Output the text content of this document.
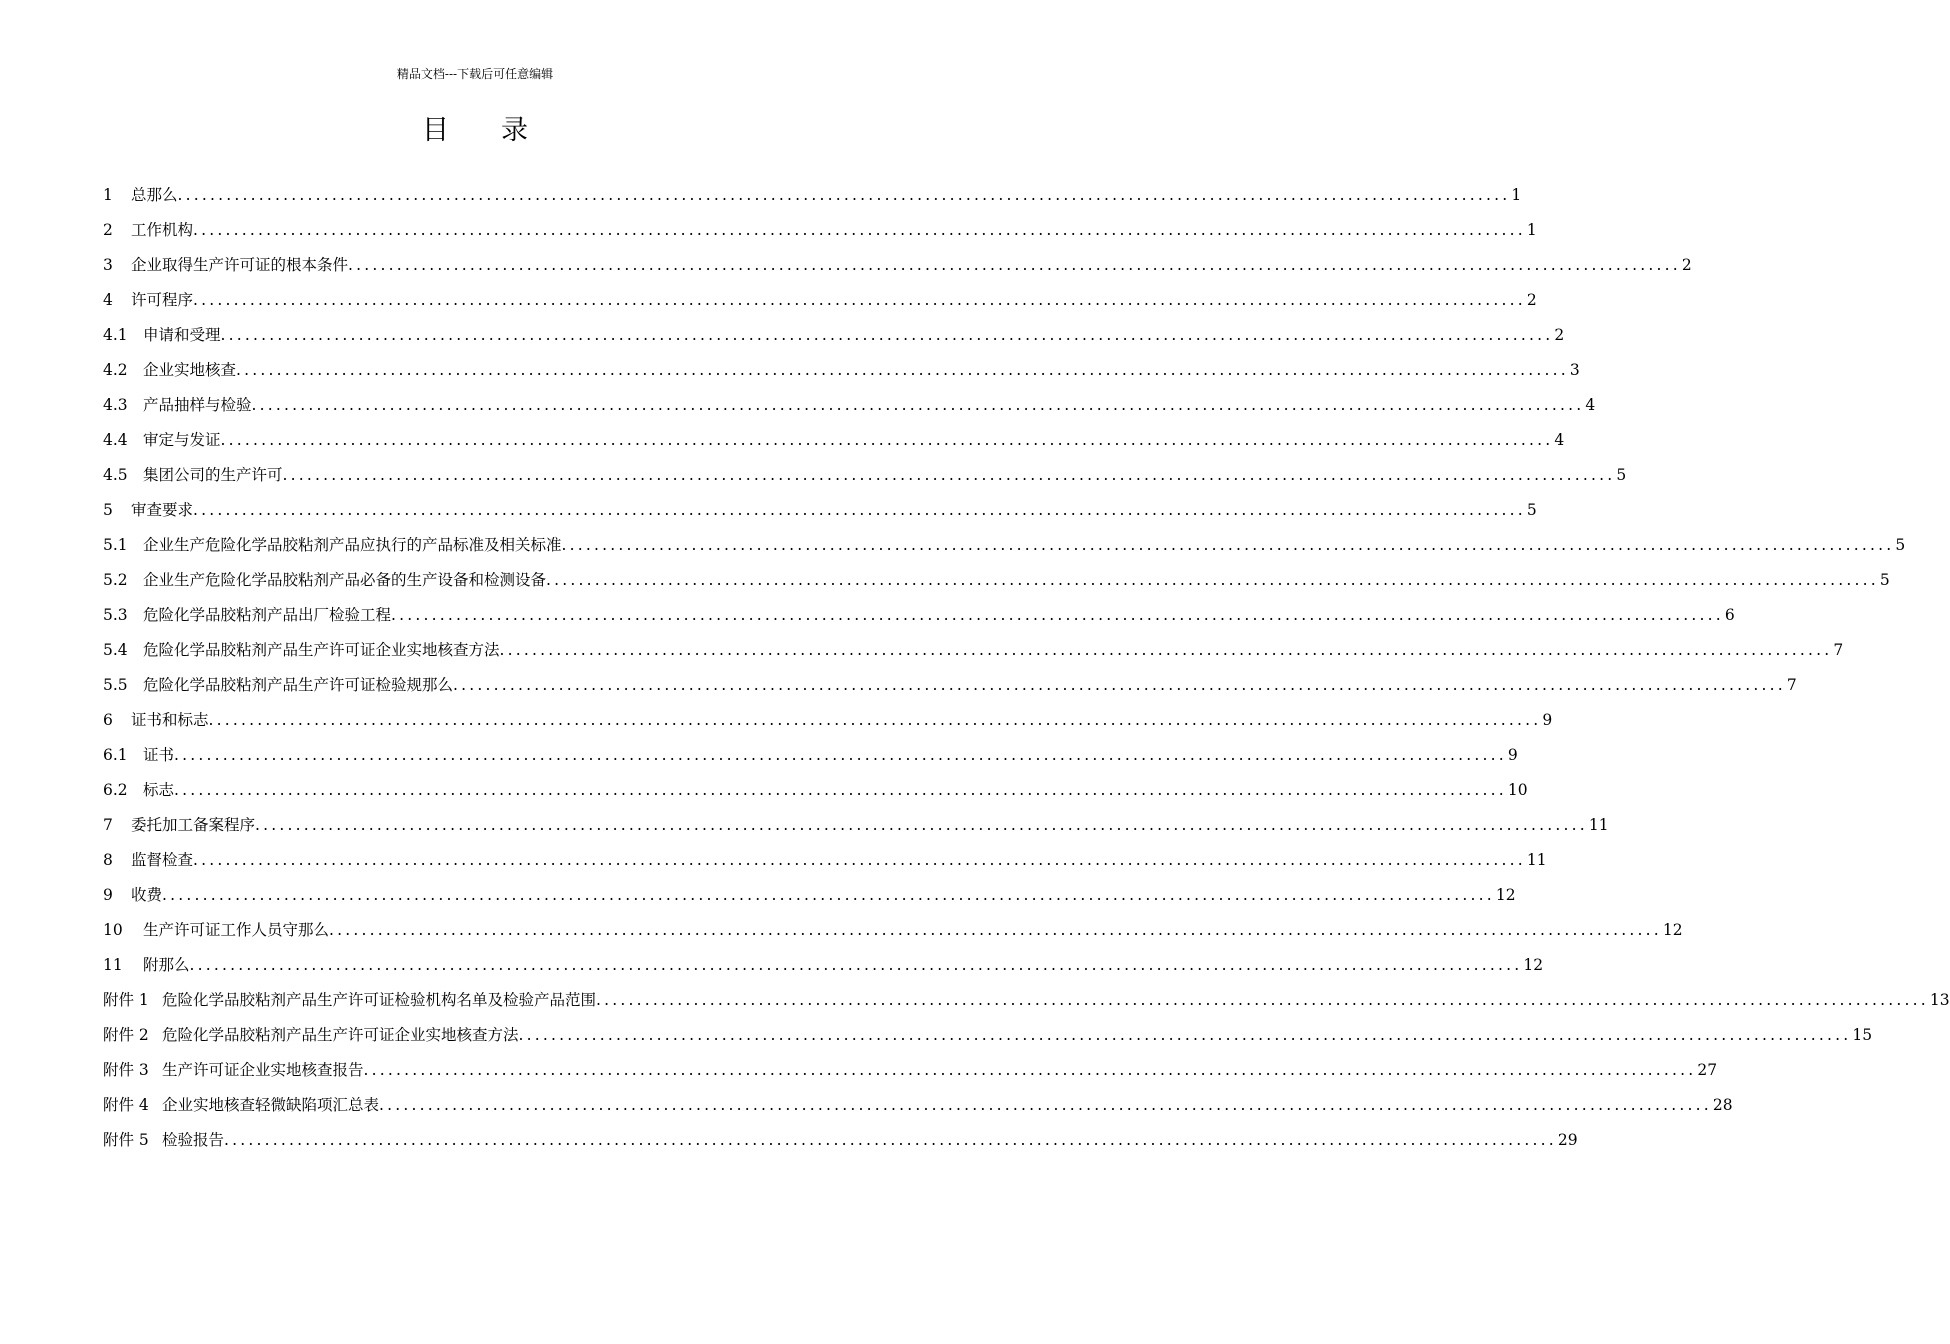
精品文档---下载后可任意编辑
目 录
1	总那么 .....	1
2	工作机构 .....	1
3	企业取得生产许可证的根本条件 .....	2
4	许可程序 .....	2
4.1 申请和受理 .....	2
4.2 企业实地核查 .....	3
4.3 产品抽样与检验 .....	4
4.4 审定与发证 .....	4
4.5 集团公司的生产许可 .....	5
5	审查要求 .....	5
5.1 企业生产危险化学品胶粘剂产品应执行的产品标准及相关标准 .....	5
5.2 企业生产危险化学品胶粘剂产品必备的生产设备和检测设备 .....	5
5.3 危险化学品胶粘剂产品出厂检验工程 .....	6
5.4 危险化学品胶粘剂产品生产许可证企业实地核查方法 .....	7
5.5 危险化学品胶粘剂产品生产许可证检验规那么 .....	7
6	证书和标志 .....	9
6.1 证书 .....	9
6.2 标志 .....	10
7	委托加工备案程序 .....	11
8	监督检查 .....	11
9	收费 .....	12
10	生产许可证工作人员守那么 .....	12
11	附那么 .....	12
附件 1 危险化学品胶粘剂产品生产许可证检验机构名单及检验产品范围 .....	13
附件 2 危险化学品胶粘剂产品生产许可证企业实地核查方法 .....	15
附件 3 生产许可证企业实地核查报告 .....	27
附件 4 企业实地核查轻微缺陷项汇总表 .....	28
附件 5 检验报告 .....	29
